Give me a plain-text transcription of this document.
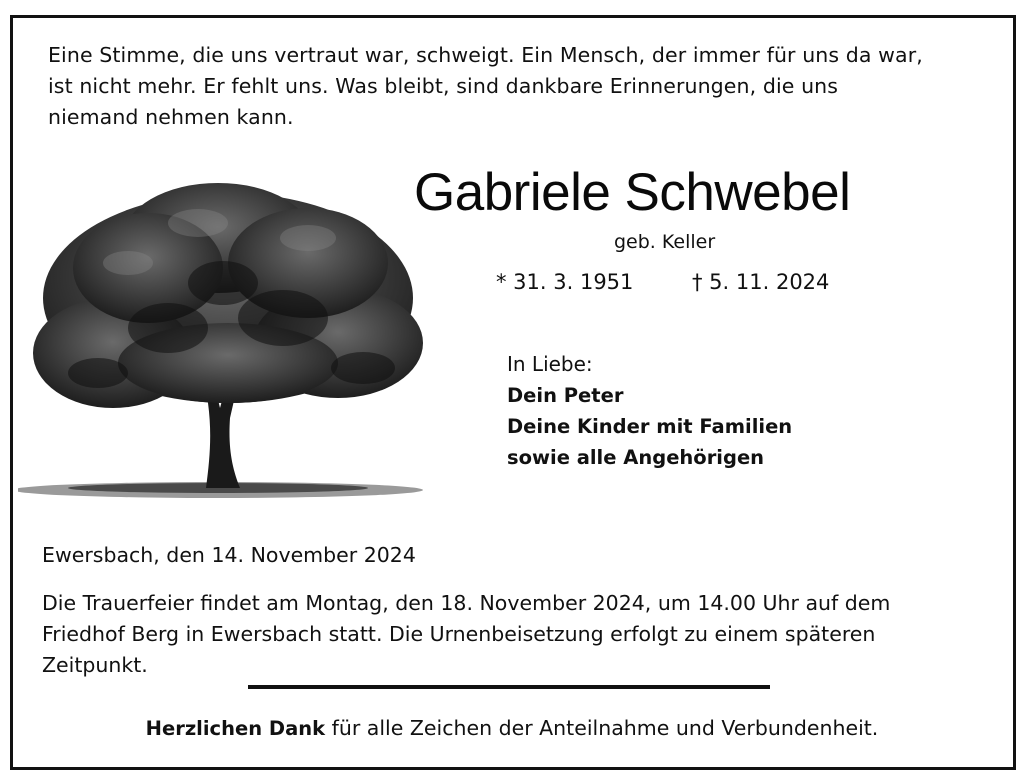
Eine Stimme, die uns vertraut war, schweigt. Ein Mensch, der immer für uns da war,
ist nicht mehr. Er fehlt uns. Was bleibt, sind dankbare Erinnerungen, die uns
niemand nehmen kann.
Gabriele Schwebel
geb. Keller
* 31. 3. 1951	† 5. 11. 2024
In Liebe:
Dein Peter
Deine Kinder mit Familien
sowie alle Angehörigen
Ewersbach, den 14. November 2024
Die Trauerfeier findet am Montag, den 18. November 2024, um 14.00 Uhr auf dem
Friedhof Berg in Ewersbach statt. Die Urnenbeisetzung erfolgt zu einem späteren
Zeitpunkt.
Herzlichen Dank für alle Zeichen der Anteilnahme und Verbundenheit.
